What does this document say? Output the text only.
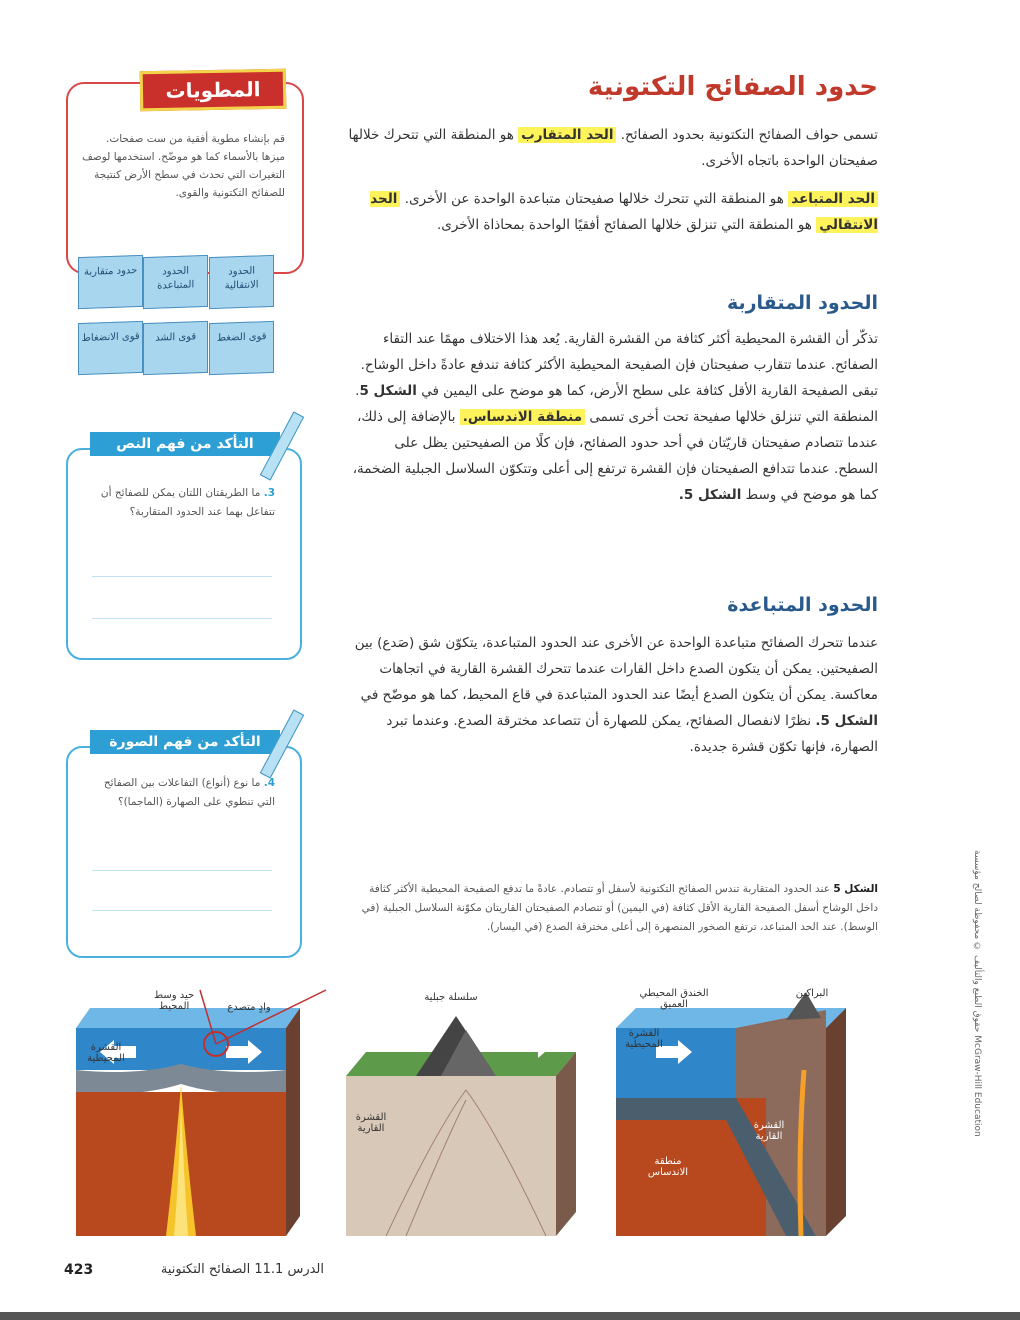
حدود الصفائح التكتونية

تسمى حواف الصفائح التكتونية بحدود الصفائح. الحد المتقارب هو المنطقة التي تتحرك خلالها صفيحتان الواحدة باتجاه الأخرى.

الحد المتباعد هو المنطقة التي تتحرك خلالها صفيحتان متباعدة الواحدة عن الأخرى. الحد الانتقالي هو المنطقة التي تنزلق خلالها الصفائح أفقيًا الواحدة بمحاذاة الأخرى.

الحدود المتقاربة

تذكّر أن القشرة المحيطية أكثر كثافة من القشرة القارية. يُعد هذا الاختلاف مهمًا عند التقاء الصفائح. عندما تتقارب صفيحتان فإن الصفيحة المحيطية الأكثر كثافة تندفع عادةً داخل الوشاح. تبقى الصفيحة القارية الأقل كثافة على سطح الأرض، كما هو موضح على اليمين في الشكل 5. المنطقة التي تنزلق خلالها صفيحة تحت أخرى تسمى منطقة الاندساس. بالإضافة إلى ذلك، عندما تتصادم صفيحتان قاريّتان في أحد حدود الصفائح، فإن كلًا من الصفيحتين يظل على السطح. عندما تتدافع الصفيحتان فإن القشرة ترتفع إلى أعلى وتتكوّن السلاسل الجبلية الضخمة، كما هو موضح في وسط الشكل 5.

الحدود المتباعدة

عندما تتحرك الصفائح متباعدة الواحدة عن الأخرى عند الحدود المتباعدة، يتكوّن شق (صَدع) بين الصفيحتين. يمكن أن يتكون الصدع داخل القارات عندما تتحرك القشرة القارية في اتجاهات معاكسة. يمكن أن يتكون الصدع أيضًا عند الحدود المتباعدة في قاع المحيط، كما هو موضّح في الشكل 5. نظرًا لانفصال الصفائح، يمكن للصهارة أن تتصاعد مخترقة الصدع. وعندما تبرد الصهارة، فإنها تكوّن قشرة جديدة.

المطويات
قم بإنشاء مطوية أفقية من ست صفحات. ميزها بالأسماء كما هو موضّح. استخدمها لوصف التغيرات التي تحدث في سطح الأرض كنتيجة للصفائح التكتونية والقوى.
الحدود الانتقالية
الحدود المتباعدة
حدود متقاربة
قوى الضغط
قوى الشد
قوى الانضغاط
التأكد من فهم النص
3. ما الطريقتان اللتان يمكن للصفائح أن تتفاعل بهما عند الحدود المتقاربة؟
التأكد من فهم الصورة
4. ما نوع (أنواع) التفاعلات بين الصفائح التي تنطوي على الصهارة (الماجما)؟
الشكل 5 عند الحدود المتقاربة تندس الصفائح التكتونية لأسفل أو تتصادم. عادةً ما تدفع الصفيحة المحيطية الأكثر كثافة داخل الوشاح أسفل الصفيحة القارية الأقل كثافة (في اليمين) أو تتصادم الصفيحتان القاريتان مكوّنة السلاسل الجبلية (في الوسط). عند الحد المتباعد، ترتفع الصخور المنصهرة إلى أعلى مخترقة الصدع (في اليسار).
حيد وسط المحيط	وادٍ متصدع
القشرة المحيطية
سلسلة جبلية
القشرة القارية
الخندق المحيطي العميق
البراكين
القشرة المحيطية
القشرة القارية
منطقة الاندساس
حقوق الطبع والتأليف © محفوظة لصالح مؤسسة McGraw-Hill Education
الدرس 11.1 الصفائح التكتونية
423
